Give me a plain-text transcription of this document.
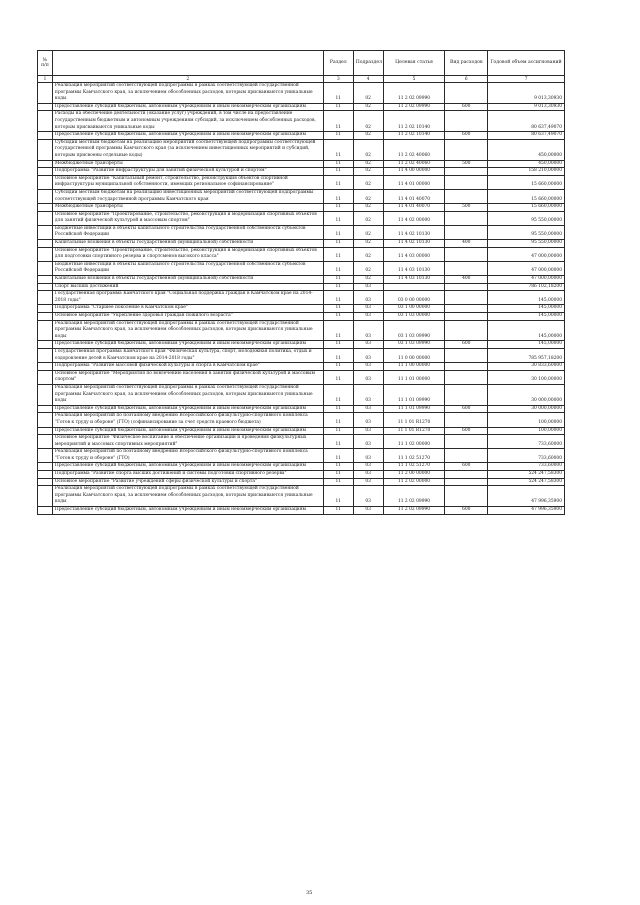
№ п/п		Раздел	Подраздел	Целевая статья	Вид расходов	Годовой объем ассигнований
1	2	3	4	5	6	7
	Реализация мероприятий соответствующей подпрограммы в рамках соответствующей государственной программы Камчатского края, за исключением обособленных расходов, которым присваиваются уникальные коды	11	02	11 2 02 09990		9 013,30930
	Предоставление субсидий бюджетным, автономным учреждениям и иным некоммерческим организациям	11	02	11 2 02 09990	600	9 013,30930
	Расходы на обеспечение деятельности (оказание услуг) учреждений, в том числе на предоставление государственным бюджетным и автономным учреждениям субсидий, за исключением обособленных расходов, которым присваиваются уникальные коды	11	02	11 2 02 10140		80 637,49070
	Предоставление субсидий бюджетным, автономным учреждениям и иным некоммерческим организациям	11	02	11 2 02 10140	600	80 637,49070
	Субсидии местным бюджетам на реализацию мероприятий соответствующей подпрограммы соответствующей государственной программы Камчатского края (за исключением инвестиционных мероприятий и субсидий, которым присвоены отдельные коды)	11	02	11 2 02 40060		450,00000
	Межбюджетные трансферты	11	02	11 2 02 40060	500	450,00000
	Подпрограмма "Развитие инфраструктуры для занятий физической культурой и спортом"	11	02	11 4 00 00000		158 210,00000
	Основное мероприятие "Капитальный ремонт, строительство, реконструкция объектов спортивной инфраструктуры муниципальной собственности, имеющих региональное софинансирование"	11	02	11 4 01 00000		15 660,00000
	Субсидии местным бюджетам на реализацию инвестиционных мероприятий соответствующей подпрограммы соответствующей государственной программы Камчатского края	11	02	11 4 01 40070		15 660,00000
	Межбюджетные трансферты	11	02	11 4 01 40070	500	15 660,00000
	Основное мероприятие "Проектирование, строительство, реконструкция и модернизация спортивных объектов для занятий физической культурой и массовым спортом"	11	02	11 4 02 00000		95 550,00000
	Бюджетные инвестиции в объекты капитального строительства государственной собственности субъектов Российской Федерации	11	02	11 4 02 10130		95 550,00000
	Капитальные вложения в объекты государственной (муниципальной) собственности	11	02	11 4 02 10130	400	95 550,00000
	Основное мероприятие "Проектирование, строительство, реконструкция и модернизация спортивных объектов для подготовки спортивного резерва и спортсменов высокого класса"	11	02	11 4 03 00000		47 000,00000
	Бюджетные инвестиции в объекты капитального строительства государственной собственности субъектов Российской Федерации	11	02	11 4 03 10130		47 000,00000
	Капитальные вложения в объекты государственной (муниципальной) собственности	11	02	11 4 03 10130	400	47 000,00000
	Спорт высших достижений	11	03			786 102,18200
	Государственная программа Камчатского края "Социальная поддержка граждан в Камчатском крае на 2014-2018 годы"	11	03	03 0 00 00000		145,00000
	Подпрограмма "Старшее поколение в Камчатском крае"	11	03	03 1 00 00000		145,00000
	Основное мероприятие "Укрепление здоровья граждан пожилого возраста"	11	03	03 1 03 00000		145,00000
	Реализация мероприятий соответствующей подпрограммы в рамках соответствующей государственной программы Камчатского края, за исключением обособленных расходов, которым присваиваются уникальные коды	11	03	03 1 03 09990		145,00000
	Предоставление субсидий бюджетным, автономным учреждениям и иным некоммерческим организациям	11	03	03 1 03 09990	600	145,00000
	Государственная программа Камчатского края "Физическая культура, спорт, молодежная политика, отдых и оздоровление детей в Камчатском крае на 2014-2018 годы"	11	03	11 0 00 00000		785 957,18200
	Подпрограмма "Развитие массовой физической культуры и спорта в Камчатском крае"	11	03	11 1 00 00000		30 833,60000
	Основное мероприятие "Мероприятия по вовлечению населения в занятия физической культурой и массовым спортом"	11	03	11 1 01 00000		30 100,00000
	Реализация мероприятий соответствующей подпрограммы в рамках соответствующей государственной программы Камчатского края, за исключением обособленных расходов, которым присваиваются уникальные коды	11	03	11 1 01 09990		30 000,00000
	Предоставление субсидий бюджетным, автономным учреждениям и иным некоммерческим организациям	11	03	11 1 01 09990	600	30 000,00000
	Реализация мероприятий по поэтапному внедрению Всероссийского физкультурно-спортивного комплекса "Готов к труду и обороне" (ГТО) (софинансирование за счет средств краевого бюджета)	11	03	11 1 01 R1270		100,00000
	Предоставление субсидий бюджетным, автономным учреждениям и иным некоммерческим организациям	11	03	11 1 01 R1270	600	100,00000
	Основное мероприятие "Физическое воспитание и обеспечение организации и проведения физкультурных мероприятий и массовых спортивных мероприятий"	11	03	11 1 02 00000		733,60000
	Реализация мероприятий по поэтапному внедрению Всероссийского физкультурно-спортивного комплекса "Готов к труду и обороне" (ГТО)	11	03	11 1 02 51270		733,60000
	Предоставление субсидий бюджетным, автономным учреждениям и иным некоммерческим организациям	11	03	11 1 02 51270	600	733,60000
	Подпрограмма "Развитие спорта высших достижений и системы подготовки спортивного резерва"	11	03	11 2 00 00000		524 247,58300
	Основное мероприятие "Развитие учреждений сферы физической культуры и спорта"	11	03	11 2 02 00000		524 247,58300
	Реализация мероприятий соответствующей подпрограммы в рамках соответствующей государственной программы Камчатского края, за исключением обособленных расходов, которым присваиваются уникальные коды	11	03	11 2 02 09990		47 996,35900
	Предоставление субсидий бюджетным, автономным учреждениям и иным некоммерческим организациям	11	03	11 2 02 09990	600	47 996,35900
35
